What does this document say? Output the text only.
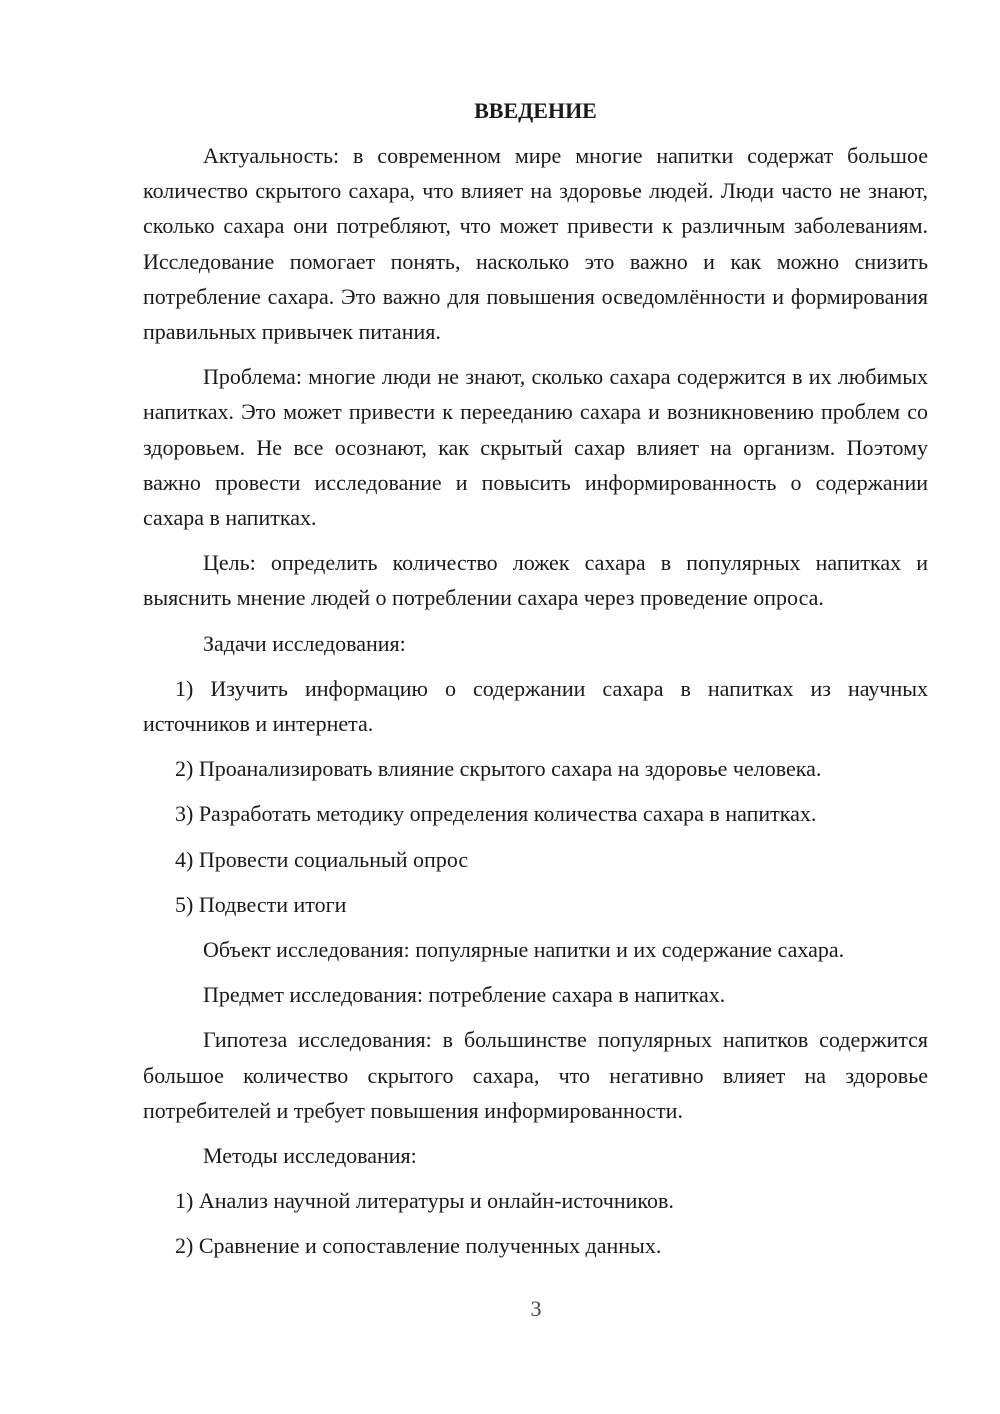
ВВЕДЕНИЕ

Актуальность: в современном мире многие напитки содержат большое количество скрытого сахара, что влияет на здоровье людей. Люди часто не знают, сколько сахара они потребляют, что может привести к различным заболеваниям. Исследование помогает понять, насколько это важно и как можно снизить потребление сахара. Это важно для повышения осведомлённости и формирования правильных привычек питания.

Проблема: многие люди не знают, сколько сахара содержится в их любимых напитках. Это может привести к перееданию сахара и возникновению проблем со здоровьем. Не все осознают, как скрытый сахар влияет на организм. Поэтому важно провести исследование и повысить информированность о содержании сахара в напитках.

Цель: определить количество ложек сахара в популярных напитках и выяснить мнение людей о потреблении сахара через проведение опроса.

Задачи исследования:

1) Изучить информацию о содержании сахара в напитках из научных источников и интернета.

2) Проанализировать влияние скрытого сахара на здоровье человека.

3) Разработать методику определения количества сахара в напитках.

4) Провести социальный опрос

5) Подвести итоги

Объект исследования: популярные напитки и их содержание сахара.

Предмет исследования: потребление сахара в напитках.

Гипотеза исследования: в большинстве популярных напитков содержится большое количество скрытого сахара, что негативно влияет на здоровье потребителей и требует повышения информированности.

Методы исследования:

1) Анализ научной литературы и онлайн-источников.

2) Сравнение и сопоставление полученных данных.

3
